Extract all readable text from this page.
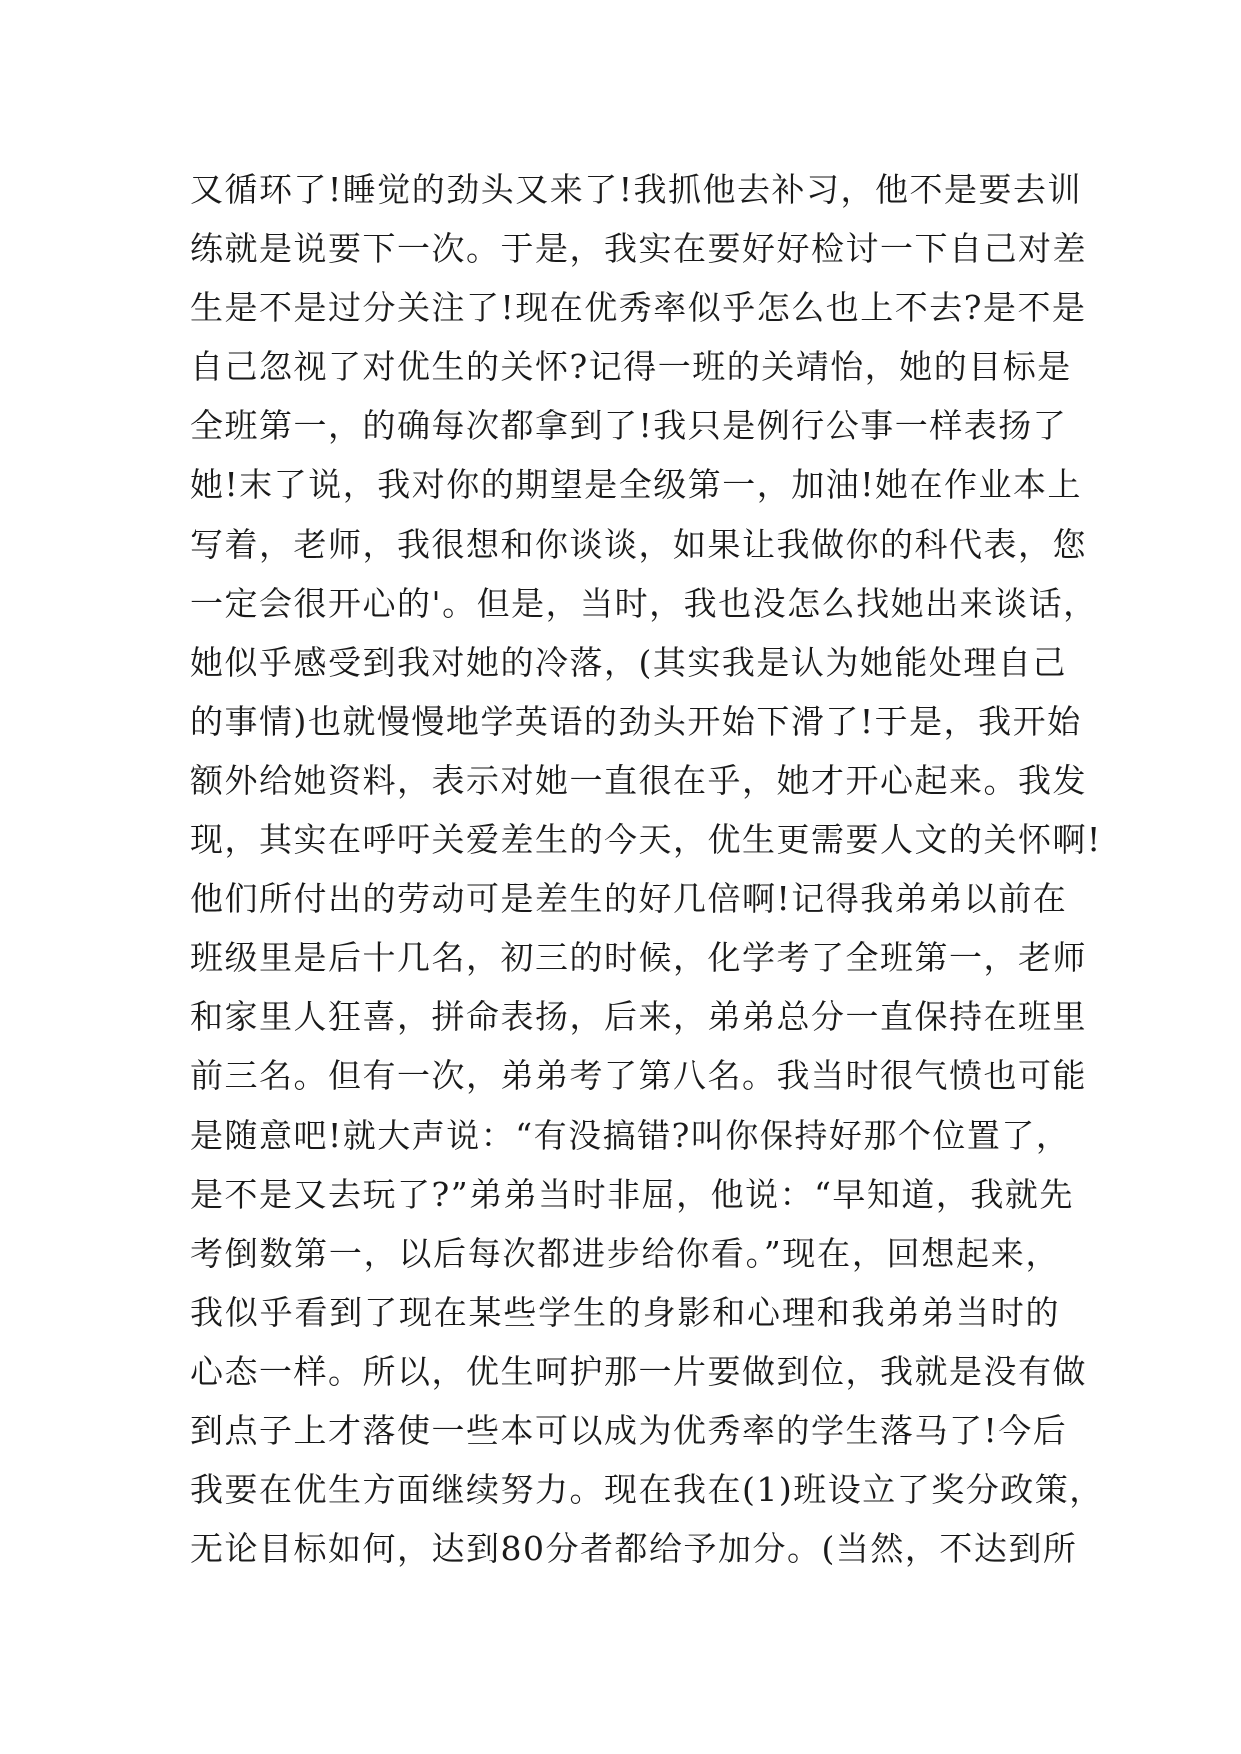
又循环了!睡觉的劲头又来了!我抓他去补习，他不是要去训
练就是说要下一次。于是，我实在要好好检讨一下自己对差
生是不是过分关注了!现在优秀率似乎怎么也上不去?是不是
自己忽视了对优生的关怀?记得一班的关靖怡，她的目标是
全班第一，的确每次都拿到了!我只是例行公事一样表扬了
她!末了说，我对你的期望是全级第一，加油!她在作业本上
写着，老师，我很想和你谈谈，如果让我做你的科代表，您
一定会很开心的'。但是，当时，我也没怎么找她出来谈话，
她似乎感受到我对她的冷落，(其实我是认为她能处理自己
的事情)也就慢慢地学英语的劲头开始下滑了!于是，我开始
额外给她资料，表示对她一直很在乎，她才开心起来。我发
现，其实在呼吁关爱差生的今天，优生更需要人文的关怀啊!
他们所付出的劳动可是差生的好几倍啊!记得我弟弟以前在
班级里是后十几名，初三的时候，化学考了全班第一，老师
和家里人狂喜，拼命表扬，后来，弟弟总分一直保持在班里
前三名。但有一次，弟弟考了第八名。我当时很气愤也可能
是随意吧!就大声说：“有没搞错?叫你保持好那个位置了，
是不是又去玩了?”弟弟当时非屈，他说：“早知道，我就先
考倒数第一，以后每次都进步给你看。”现在，回想起来，
我似乎看到了现在某些学生的身影和心理和我弟弟当时的
心态一样。所以，优生呵护那一片要做到位，我就是没有做
到点子上才落使一些本可以成为优秀率的学生落马了!今后
我要在优生方面继续努力。现在我在(1)班设立了奖分政策，
无论目标如何，达到80分者都给予加分。(当然，不达到所
